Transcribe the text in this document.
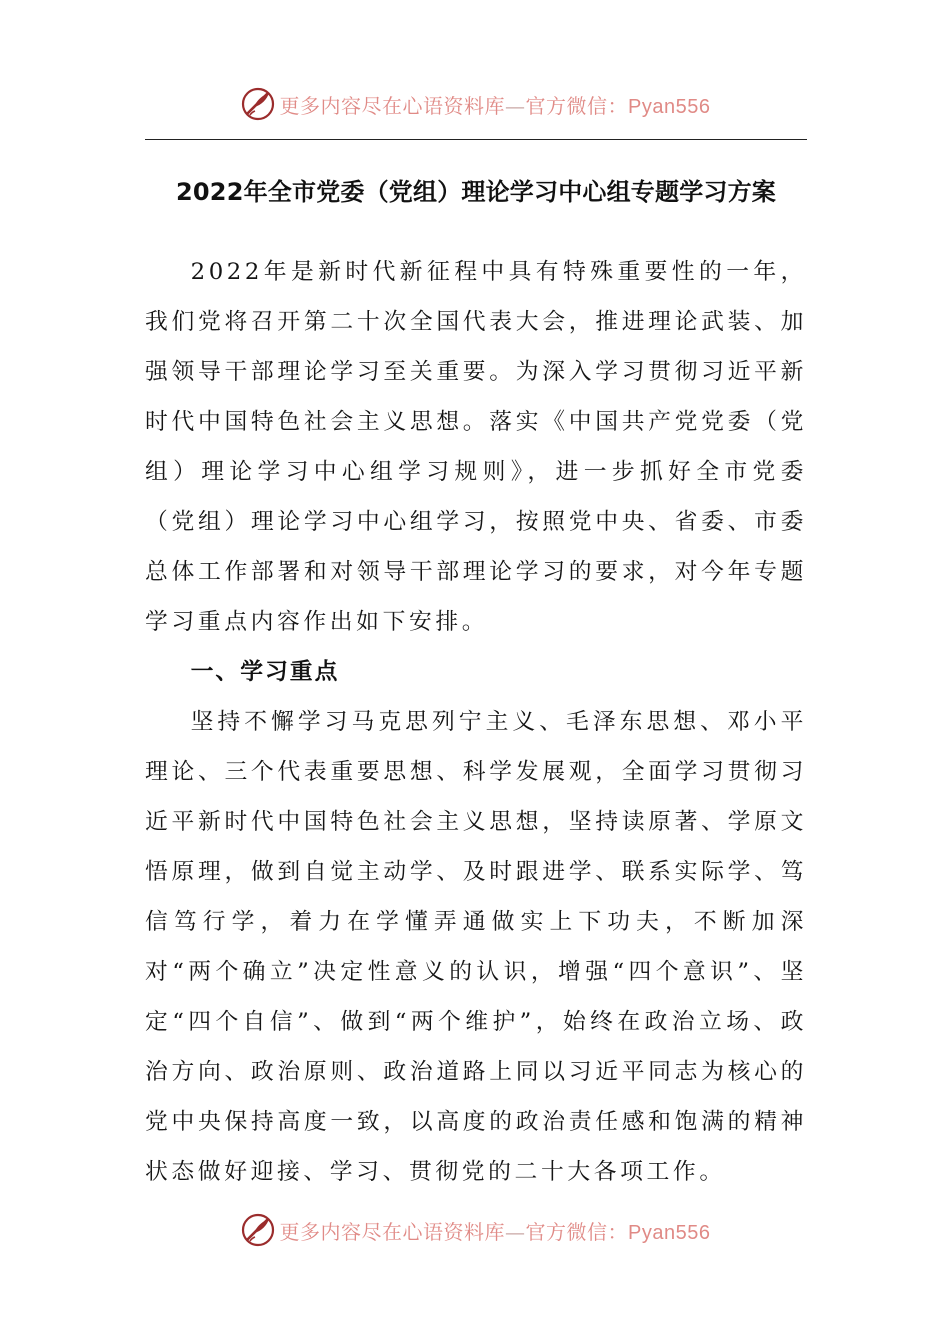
更多内容尽在心语资料库—官方微信：Pyan556
2022年全市党委（党组）理论学习中心组专题学习方案

2022年是新时代新征程中具有特殊重要性的一年，我们党将召开第二十次全国代表大会，推进理论武装、加强领导干部理论学习至关重要。为深入学习贯彻习近平新时代中国特色社会主义思想。落实《中国共产党党委（党组）理论学习中心组学习规则》，进一步抓好全市党委（党组）理论学习中心组学习，按照党中央、省委、市委总体工作部署和对领导干部理论学习的要求，对今年专题学习重点内容作出如下安排。

一、学习重点

坚持不懈学习马克思列宁主义、毛泽东思想、邓小平理论、三个代表重要思想、科学发展观，全面学习贯彻习近平新时代中国特色社会主义思想，坚持读原著、学原文悟原理，做到自觉主动学、及时跟进学、联系实际学、笃信笃行学，着力在学懂弄通做实上下功夫，不断加深对“两个确立”决定性意义的认识，增强“四个意识”、坚定“四个自信”、做到“两个维护”，始终在政治立场、政治方向、政治原则、政治道路上同以习近平同志为核心的党中央保持高度一致，以高度的政治责任感和饱满的精神状态做好迎接、学习、贯彻党的二十大各项工作。

更多内容尽在心语资料库—官方微信：Pyan556
